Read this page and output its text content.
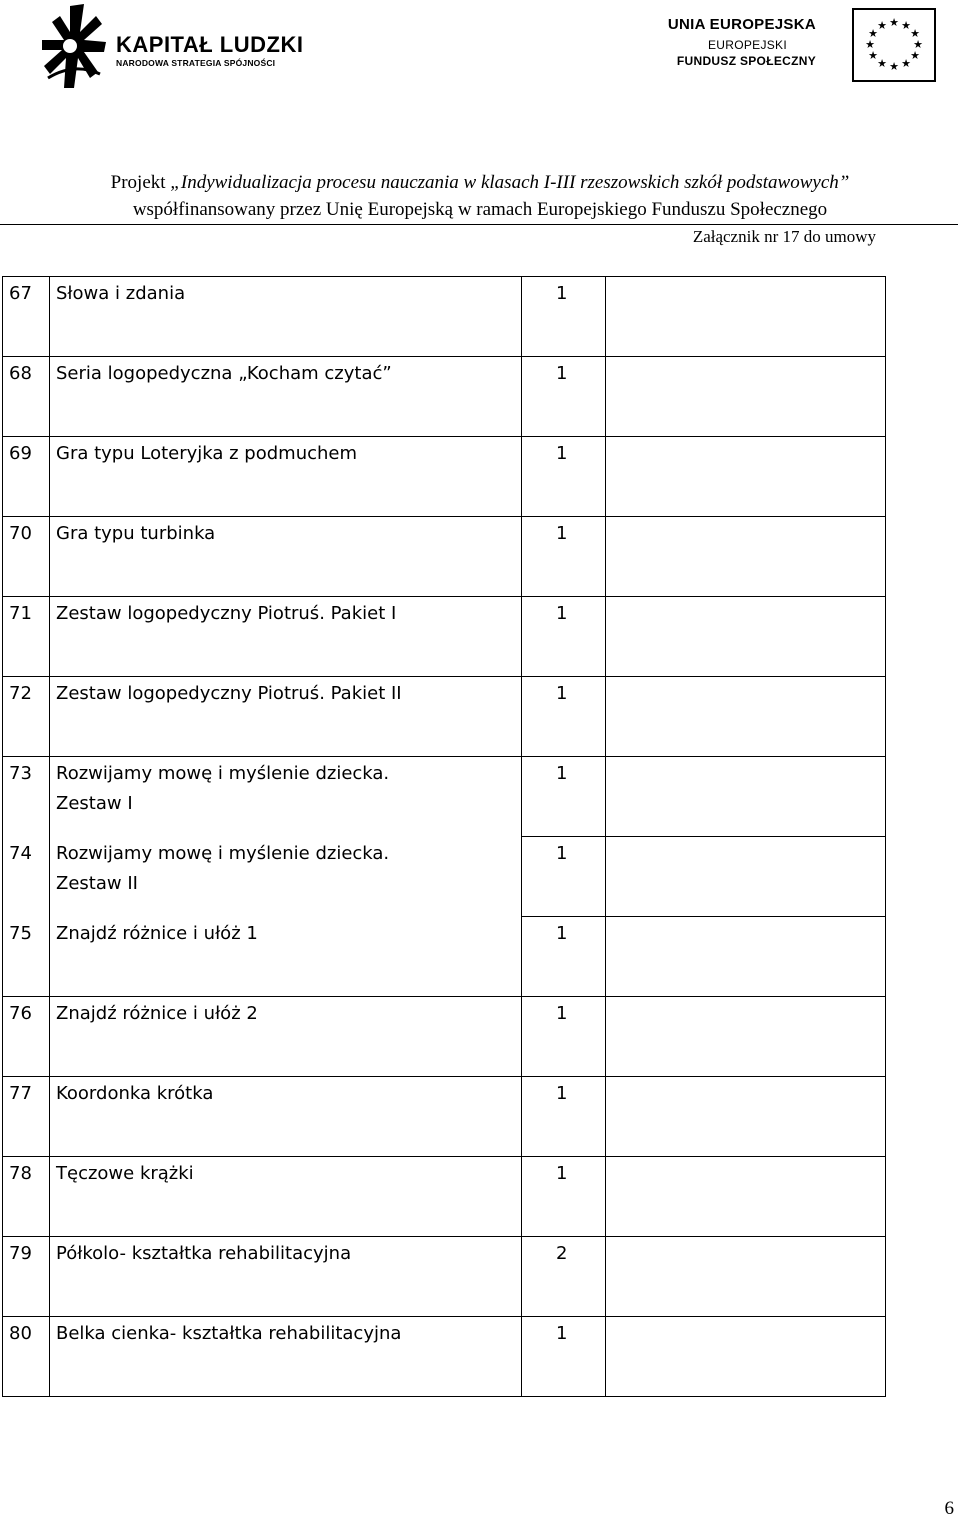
KAPITAŁ LUDZKI
NARODOWA STRATEGIA SPÓJNOŚCI
UNIA EUROPEJSKA
EUROPEJSKI
FUNDUSZ SPOŁECZNY
★ ★
★
★
★
★
★
★
★
★
★
★
Projekt „Indywidualizacja procesu nauczania w klasach I-III rzeszowskich szkół podstawowych”
współfinansowany przez Unię Europejską w ramach Europejskiego Funduszu Społecznego
Załącznik nr 17 do umowy
67	Słowa i zdania	1	
68	Seria logopedyczna „Kocham czytać”	1	
69	Gra typu Loteryjka z podmuchem	1	
70	Gra typu turbinka	1	
71	Zestaw logopedyczny Piotruś. Pakiet I	1	
72	Zestaw logopedyczny Piotruś. Pakiet II	1	
73	Rozwijamy mowę i myślenie dziecka.
Zestaw I	1	
74	Rozwijamy mowę i myślenie dziecka.
Zestaw II	1	
75	Znajdź różnice i ułóż 1	1	
76	Znajdź różnice i ułóż 2	1	
77	Koordonka krótka	1	
78	Tęczowe krążki	1	
79	Półkolo- kształtka rehabilitacyjna	2	
80	Belka cienka- kształtka rehabilitacyjna	1	
6
